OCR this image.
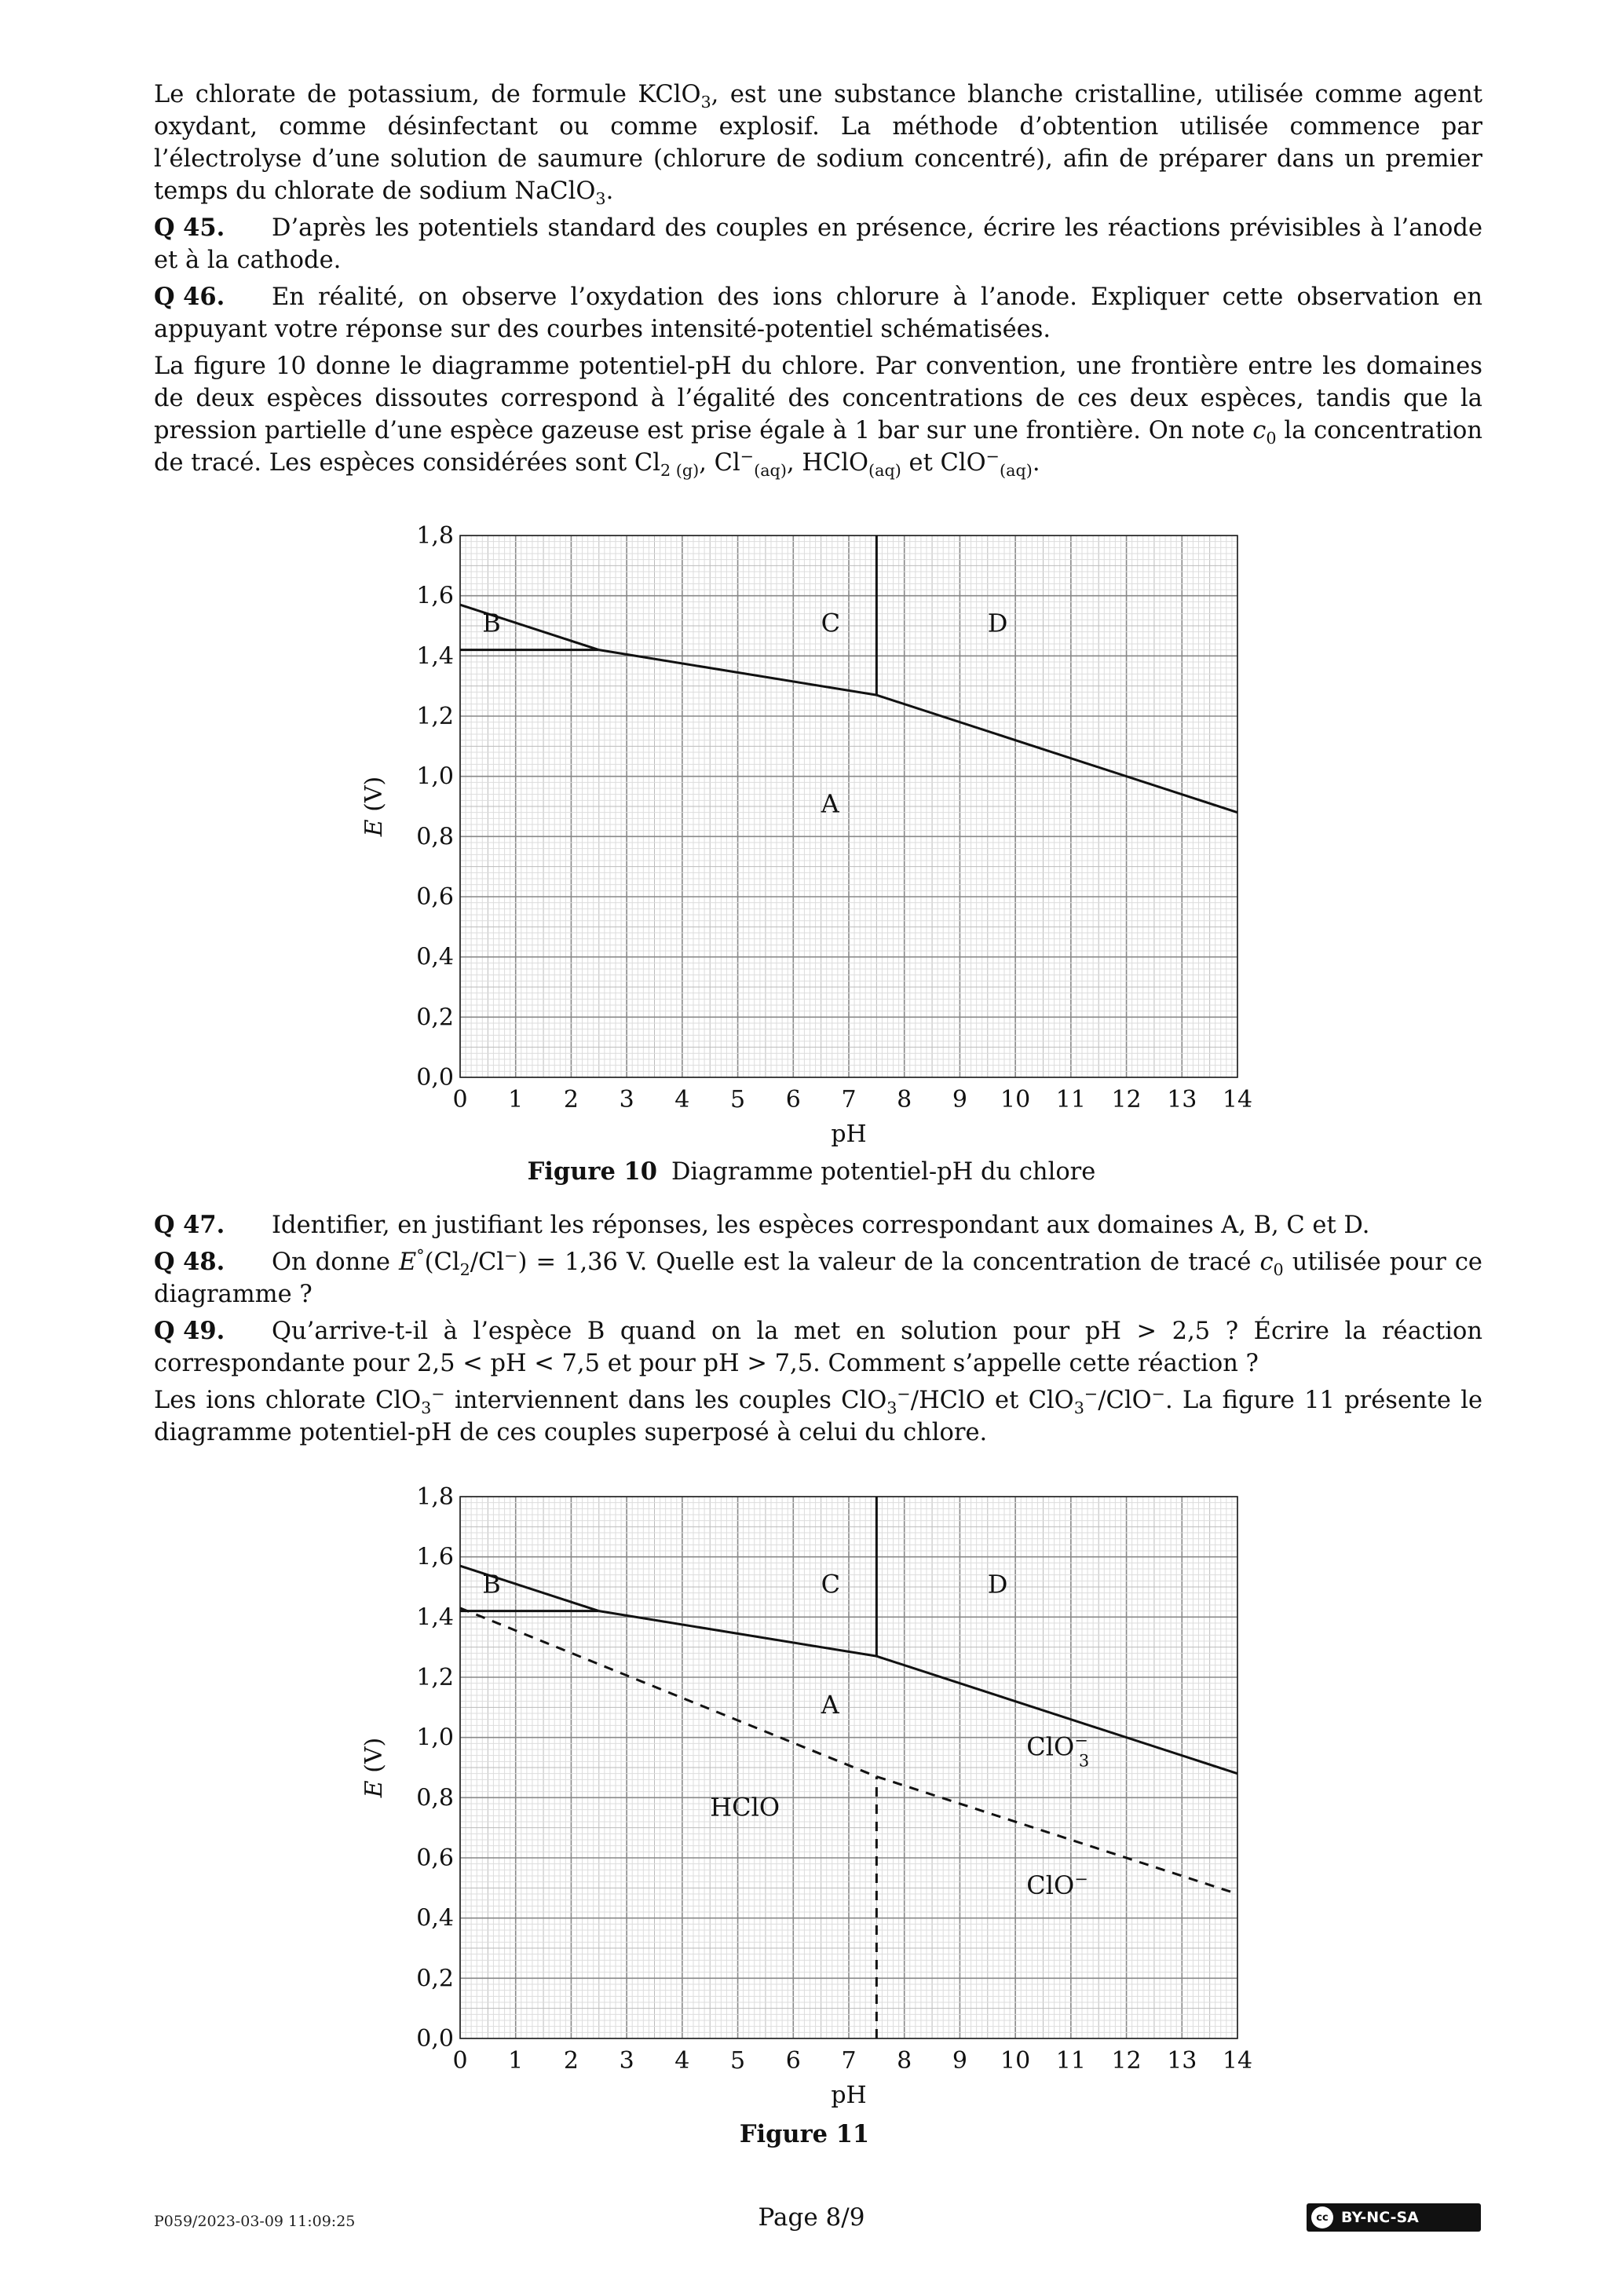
Le chlorate de potassium, de formule KClO$_3$, est une substance blanche cristalline, utilisée comme agent oxydant, comme désinfectant ou comme explosif. La méthode d’obtention utilisée commence par l’électrolyse d’une solution de saumure (chlorure de sodium concentré), afin de préparer dans un premier temps du chlorate de sodium NaClO$_3$.

Q 45. D’après les potentiels standard des couples en présence, écrire les réactions prévisibles à l’anode et à la cathode.

Q 46. En réalité, on observe l’oxydation des ions chlorure à l’anode. Expliquer cette observation en appuyant votre réponse sur des courbes intensité-potentiel schématisées.

La figure 10 donne le diagramme potentiel-pH du chlore. Par convention, une frontière entre les domaines de deux espèces dissoutes correspond à l’égalité des concentrations de ces deux espèces, tandis que la pression partielle d’une espèce gazeuse est prise égale à 1 bar sur une frontière. On note $c_0$ la concentration de tracé. Les espèces considérées sont $Cl_{2 (g)}$, $Cl^-_{(aq)}$, HClO$_{(aq)}$ et ClO−$_{(aq)}$.

0 1 2 3 4 5 6 7 8 9 10 11 12 13 14
0,0
0,2
0,4
0,6
0,8
1,0
1,2
1,4
1,6
1,8
pH
E (V)	A
B	C	D
Figure 10 Diagramme potentiel-pH du chlore

Q 47. Identifier, en justifiant les réponses, les espèces correspondant aux domaines A, B, C et D.

Q 48. On donne $E^\circ(Cl_2/Cl^-) = 1,36$ V. Quelle est la valeur de la concentration de tracé $c_0$ utilisée pour ce diagramme ?

Q 49. Qu’arrive-t-il à l’espèce B quand on la met en solution pour pH > 2,5 ? Écrire la réaction correspondante pour 2,5 < pH < 7,5 et pour pH > 7,5. Comment s’appelle cette réaction ?

Les ions chlorate ClO$_3$− interviennent dans les couples ClO$_3$−/HClO et ClO$_3$−/ClO−. La figure 11 présente le diagramme potentiel-pH de ces couples superposé à celui du chlore.

0 1 2 3 4 5 6 7 8 9 10 11 12 13 14
0,0
0,2
0,4
0,6
0,8
1,0
1,2
1,4
1,6
1,8
pH
E (V)
A
B	C	D
HClO
ClO− 3
ClO−
Figure 11
P059/2023-03-09 11:09:25	Page 8/9	cc BY-NC-SA
